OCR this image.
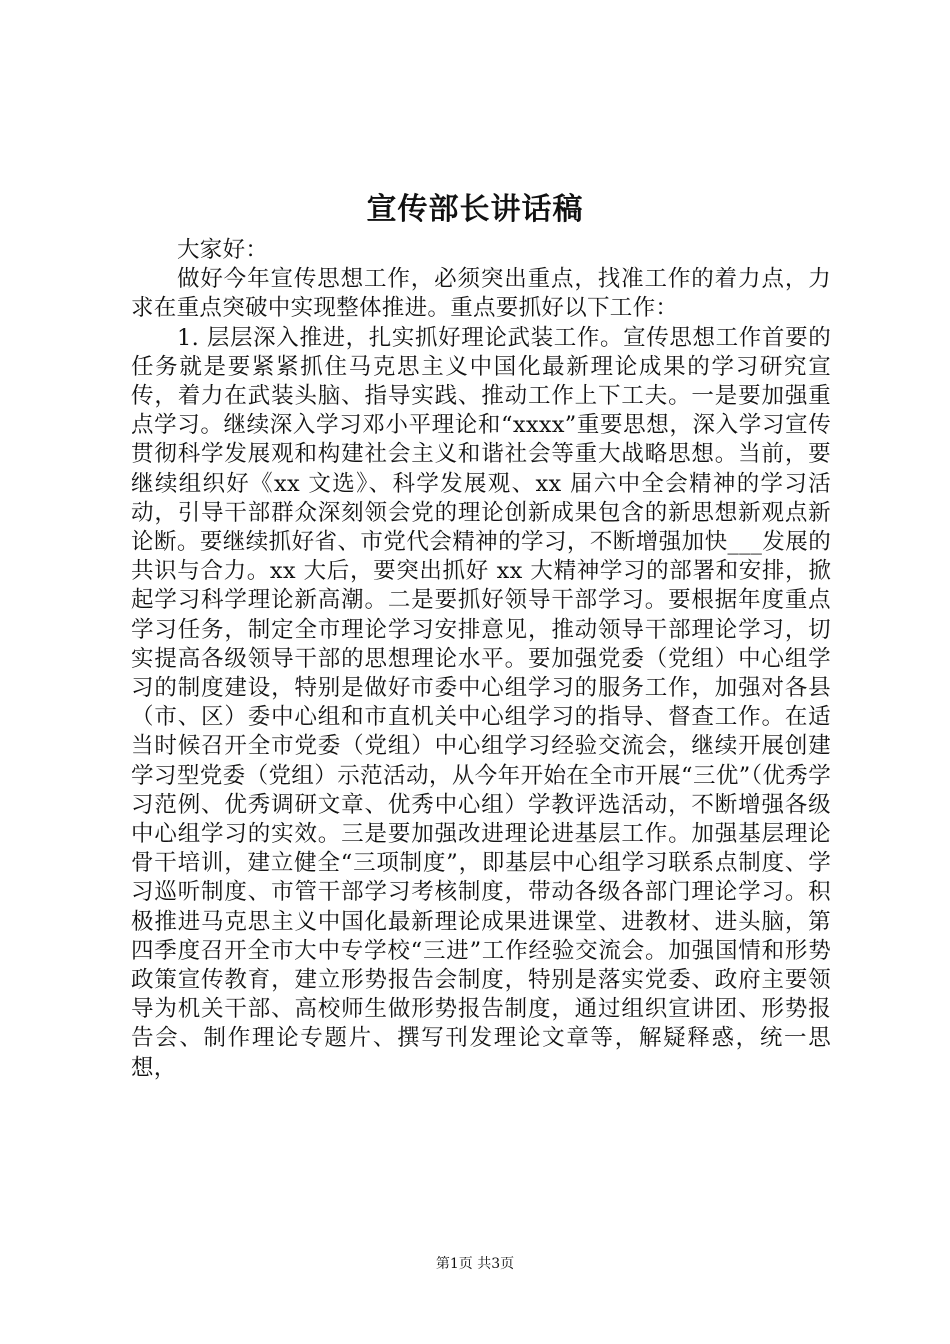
宣传部长讲话稿

大家好：

做好今年宣传思想工作，必须突出重点，找准工作的着力点，力求在重点突破中实现整体推进。重点要抓好以下工作：

1. 层层深入推进，扎实抓好理论武装工作。宣传思想工作首要的任务就是要紧紧抓住马克思主义中国化最新理论成果的学习研究宣传，着力在武装头脑、指导实践、推动工作上下工夫。一是要加强重点学习。继续深入学习邓小平理论和“xxxx”重要思想，深入学习宣传贯彻科学发展观和构建社会主义和谐社会等重大战略思想。当前，要继续组织好《xx 文选》、科学发展观、xx 届六中全会精神的学习活动，引导干部群众深刻领会党的理论创新成果包含的新思想新观点新论断。要继续抓好省、市党代会精神的学习，不断增强加快___发展的共识与合力。xx 大后，要突出抓好 xx 大精神学习的部署和安排，掀起学习科学理论新高潮。二是要抓好领导干部学习。要根据年度重点学习任务，制定全市理论学习安排意见，推动领导干部理论学习，切实提高各级领导干部的思想理论水平。要加强党委（党组）中心组学习的制度建设，特别是做好市委中心组学习的服务工作，加强对各县（市、区）委中心组和市直机关中心组学习的指导、督查工作。在适当时候召开全市党委（党组）中心组学习经验交流会，继续开展创建学习型党委（党组）示范活动，从今年开始在全市开展“三优”（优秀学习范例、优秀调研文章、优秀中心组）学教评选活动，不断增强各级中心组学习的实效。三是要加强改进理论进基层工作。加强基层理论骨干培训，建立健全“三项制度”，即基层中心组学习联系点制度、学习巡听制度、市管干部学习考核制度，带动各级各部门理论学习。积极推进马克思主义中国化最新理论成果进课堂、进教材、进头脑，第四季度召开全市大中专学校“三进”工作经验交流会。加强国情和形势政策宣传教育，建立形势报告会制度，特别是落实党委、政府主要领导为机关干部、高校师生做形势报告制度，通过组织宣讲团、形势报告会、制作理论专题片、撰写刊发理论文章等，解疑释惑，统一思想，

第1页 共3页
